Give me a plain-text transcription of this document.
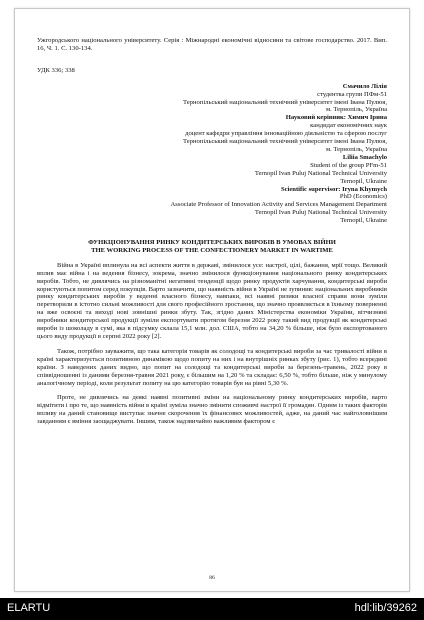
Ужгородського національного університету. Серія : Міжнародні економічні відносини та світове господарство. 2017. Вип. 16, Ч. 1. С. 130-134.

УДК 336; 338

Смачило Лілія
студентка групи ПФм-51
Тернопільський національний технічний університет імені Івана Пулюя,
м. Тернопіль, Україна
Науковий керівник: Химич Ірина
кандидат економічних наук
доцент кафедри управління інноваційною діяльністю та сферою послуг
Тернопільський національний технічний університет імені Івана Пулюя,
м. Тернопіль, Україна
Liliia Smachylo
Student of the group PFm-51
Ternopil Ivan Puluj National Technical University
Ternopil, Ukraine
Scientific supervisor: Iryna Khymych
PhD (Economics)
Associate Professor of Innovation Activity and Services Management Department
Ternopil Ivan Puluj National Technical University
Ternopil, Ukraine
ФУНКЦІОНУВАННЯ РИНКУ КОНДИТЕРСЬКИХ ВИРОБІВ В УМОВАХ ВІЙНИ
THE WORKING PROCESS OF THE CONFECTIONERY MARKET IN WARTIME

Війна в Україні вплинула на всі аспекти життя в державі, змінилося усе: настрої, цілі, бажання, мрії тощо. Великий вплив має війна і на ведення бізнесу, зокрема, значно змінилося функціонування національного ринку кондитерських виробів. Тобто, не дивлячись на різноманітні негативні тенденції щодо ринку продуктів харчування, кондитерські вироби користуються попитом серед покупців. Варто зазначити, що наявність війни в Україні не зупинив: національних виробників ринку кондитерських виробів у веденні власного бізнесу, навпаки, всі наявні ризики власної справи вони зуміли перетворили в істотно сильні можливості для свого професійного зростання, що значно проявляється в їхньому поверненні на вже освоєні та виході нові зовнішні ринки збуту. Так, згідно даних Міністерства економіки України, вітчизняні виробники кондитерської продукції зуміли експортувати протягом березня 2022 року такий вид продукції як кондитерські вироби із шоколаду в сумі, яка в підсумку склала 15,1 млн. дол. США, тобто на 34,20 % більше, ніж було експортованого цього виду продукції в серпні 2022 року [2].

Також, потрібно зауважити, що така категорія товарів як солодощі та кондитерські вироби за час тривалості війни в країні характеризується позитивною динамікою щодо попиту на них і на внутрішніх ринках збуту (рис. 1), тобто всередині країни. З наведених даних видно, що попит на солодощі та кондитерські вироби за березень-травень, 2022 року в співвідношенні із даними березня-травня 2021 року, є більшим на 1,20 % та складає: 6,50 %, тобто більше, ніж у минулому аналогічному періоді, коли результат попиту на цю категорію товарів був на рівні 5,30 %.

Проте, не дивлячись на деякі наявні позитивні зміни на національному ринку кондитерських виробів, варто відмітити і про те, що наявність війни в країні зуміла значно змінити споживчі настрої її громадян. Одним із таких факторів впливу на даний становище виступає значне скорочення їх фінансових можливостей, адже, на даний час найголовнішим завданням є вміння заощаджувати. Іншим, також надзвичайно важливим фактором є

86
ELARTU	hdl:lib/39262
